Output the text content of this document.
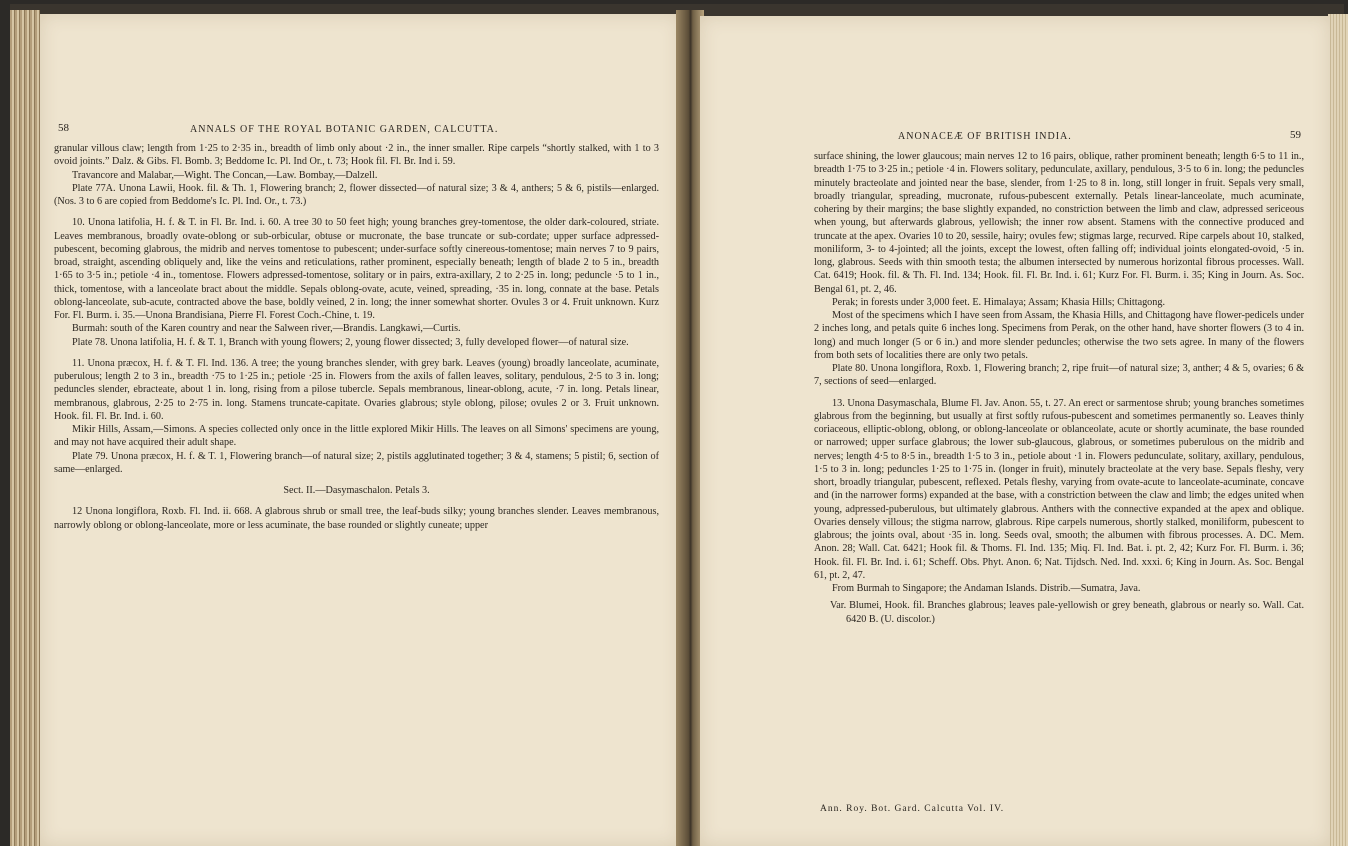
58	ANNALS OF THE ROYAL BOTANIC GARDEN, CALCUTTA.

granular villous claw; length from 1·25 to 2·35 in., breadth of limb only about ·2 in., the inner smaller. Ripe carpels “shortly stalked, with 1 to 3 ovoid joints.” Dalz. & Gibs. Fl. Bomb. 3; Beddome Ic. Pl. Ind Or., t. 73; Hook fil. Fl. Br. Ind i. 59.

Travancore and Malabar,—Wight. The Concan,—Law. Bombay,—Dalzell.

Plate 77A. Unona Lawii, Hook. fil. & Th. 1, Flowering branch; 2, flower dissected—of natural size; 3 & 4, anthers; 5 & 6, pistils—enlarged. (Nos. 3 to 6 are copied from Beddome's Ic. Pl. Ind. Or., t. 73.)

10. Unona latifolia, H. f. & T. in Fl. Br. Ind. i. 60. A tree 30 to 50 feet high; young branches grey-tomentose, the older dark-coloured, striate. Leaves membranous, broadly ovate-oblong or sub-orbicular, obtuse or mucronate, the base truncate or sub-cordate; upper surface adpressed-pubescent, becoming glabrous, the midrib and nerves tomentose to pubescent; under-surface softly cinereous-tomentose; main nerves 7 to 9 pairs, broad, straight, ascending obliquely and, like the veins and reticulations, rather prominent, especially beneath; length of blade 2 to 5 in., breadth 1·65 to 3·5 in.; petiole ·4 in., tomentose. Flowers adpressed-tomentose, solitary or in pairs, extra-axillary, 2 to 2·25 in. long; peduncle ·5 to 1 in., thick, tomentose, with a lanceolate bract about the middle. Sepals oblong-ovate, acute, veined, spreading, ·35 in. long, connate at the base. Petals oblong-lanceolate, sub-acute, contracted above the base, boldly veined, 2 in. long; the inner somewhat shorter. Ovules 3 or 4. Fruit unknown. Kurz For. Fl. Burm. i. 35.—Unona Brandisiana, Pierre Fl. Forest Coch.-Chine, t. 19.

Burmah: south of the Karen country and near the Salween river,—Brandis. Langkawi,—Curtis.

Plate 78. Unona latifolia, H. f. & T. 1, Branch with young flowers; 2, young flower dissected; 3, fully developed flower—of natural size.

11. Unona præcox, H. f. & T. Fl. Ind. 136. A tree; the young branches slender, with grey bark. Leaves (young) broadly lanceolate, acuminate, puberulous; length 2 to 3 in., breadth ·75 to 1·25 in.; petiole ·25 in. Flowers from the axils of fallen leaves, solitary, pendulous, 2·5 to 3 in. long; peduncles slender, ebracteate, about 1 in. long, rising from a pilose tubercle. Sepals membranous, linear-oblong, acute, ·7 in. long. Petals linear, membranous, glabrous, 2·25 to 2·75 in. long. Stamens truncate-capitate. Ovaries glabrous; style oblong, pilose; ovules 2 or 3. Fruit unknown. Hook. fil. Fl. Br. Ind. i. 60.

Mikir Hills, Assam,—Simons. A species collected only once in the little explored Mikir Hills. The leaves on all Simons' specimens are young, and may not have acquired their adult shape.

Plate 79. Unona præcox, H. f. & T. 1, Flowering branch—of natural size; 2, pistils agglutinated together; 3 & 4, stamens; 5 pistil; 6, section of same—enlarged.

Sect. II.—Dasymaschalon. Petals 3.

12 Unona longiflora, Roxb. Fl. Ind. ii. 668. A glabrous shrub or small tree, the leaf-buds silky; young branches slender. Leaves membranous, narrowly oblong or oblong-lanceolate, more or less acuminate, the base rounded or slightly cuneate; upper

ANONACEÆ OF BRITISH INDIA.	59

surface shining, the lower glaucous; main nerves 12 to 16 pairs, oblique, rather prominent beneath; length 6·5 to 11 in., breadth 1·75 to 3·25 in.; petiole ·4 in. Flowers solitary, pedunculate, axillary, pendulous, 3·5 to 6 in. long; the peduncles minutely bracteolate and jointed near the base, slender, from 1·25 to 8 in. long, still longer in fruit. Sepals very small, broadly triangular, spreading, mucronate, rufous-pubescent externally. Petals linear-lanceolate, much acuminate, cohering by their margins; the base slightly expanded, no constriction between the limb and claw, adpressed sericeous when young, but afterwards glabrous, yellowish; the inner row absent. Stamens with the connective produced and truncate at the apex. Ovaries 10 to 20, sessile, hairy; ovules few; stigmas large, recurved. Ripe carpels about 10, stalked, moniliform, 3- to 4-jointed; all the joints, except the lowest, often falling off; individual joints elongated-ovoid, ·5 in. long, glabrous. Seeds with thin smooth testa; the albumen intersected by numerous horizontal fibrous processes. Wall. Cat. 6419; Hook. fil. & Th. Fl. Ind. 134; Hook. fil. Fl. Br. Ind. i. 61; Kurz For. Fl. Burm. i. 35; King in Journ. As. Soc. Bengal 61, pt. 2, 46.

Perak; in forests under 3,000 feet. E. Himalaya; Assam; Khasia Hills; Chittagong.

Most of the specimens which I have seen from Assam, the Khasia Hills, and Chittagong have flower-pedicels under 2 inches long, and petals quite 6 inches long. Specimens from Perak, on the other hand, have shorter flowers (3 to 4 in. long) and much longer (5 or 6 in.) and more slender peduncles; otherwise the two sets agree. In many of the flowers from both sets of localities there are only two petals.

Plate 80. Unona longiflora, Roxb. 1, Flowering branch; 2, ripe fruit—of natural size; 3, anther; 4 & 5, ovaries; 6 & 7, sections of seed—enlarged.

13. Unona Dasymaschala, Blume Fl. Jav. Anon. 55, t. 27. An erect or sarmentose shrub; young branches sometimes glabrous from the beginning, but usually at first softly rufous-pubescent and sometimes permanently so. Leaves thinly coriaceous, elliptic-oblong, oblong, or oblong-lanceolate or oblanceolate, acute or shortly acuminate, the base rounded or narrowed; upper surface glabrous; the lower sub-glaucous, glabrous, or sometimes puberulous on the midrib and nerves; length 4·5 to 8·5 in., breadth 1·5 to 3 in., petiole about ·1 in. Flowers pedunculate, solitary, axillary, pendulous, 1·5 to 3 in. long; peduncles 1·25 to 1·75 in. (longer in fruit), minutely bracteolate at the very base. Sepals fleshy, very short, broadly triangular, pubescent, reflexed. Petals fleshy, varying from ovate-acute to lanceolate-acuminate, concave and (in the narrower forms) expanded at the base, with a constriction between the claw and limb; the edges united when young, adpressed-puberulous, but ultimately glabrous. Anthers with the connective expanded at the apex and oblique. Ovaries densely villous; the stigma narrow, glabrous. Ripe carpels numerous, shortly stalked, moniliform, pubescent to glabrous; the joints oval, about ·35 in. long. Seeds oval, smooth; the albumen with fibrous processes. A. DC. Mem. Anon. 28; Wall. Cat. 6421; Hook fil. & Thoms. Fl. Ind. 135; Miq. Fl. Ind. Bat. i. pt. 2, 42; Kurz For. Fl. Burm. i. 36; Hook. fil. Fl. Br. Ind. i. 61; Scheff. Obs. Phyt. Anon. 6; Nat. Tijdsch. Ned. Ind. xxxi. 6; King in Journ. As. Soc. Bengal 61, pt. 2, 47.

From Burmah to Singapore; the Andaman Islands. Distrib.—Sumatra, Java.

Var. Blumei, Hook. fil. Branches glabrous; leaves pale-yellowish or grey beneath, glabrous or nearly so. Wall. Cat. 6420 B. (U. discolor.)

Ann. Roy. Bot. Gard. Calcutta Vol. IV.
